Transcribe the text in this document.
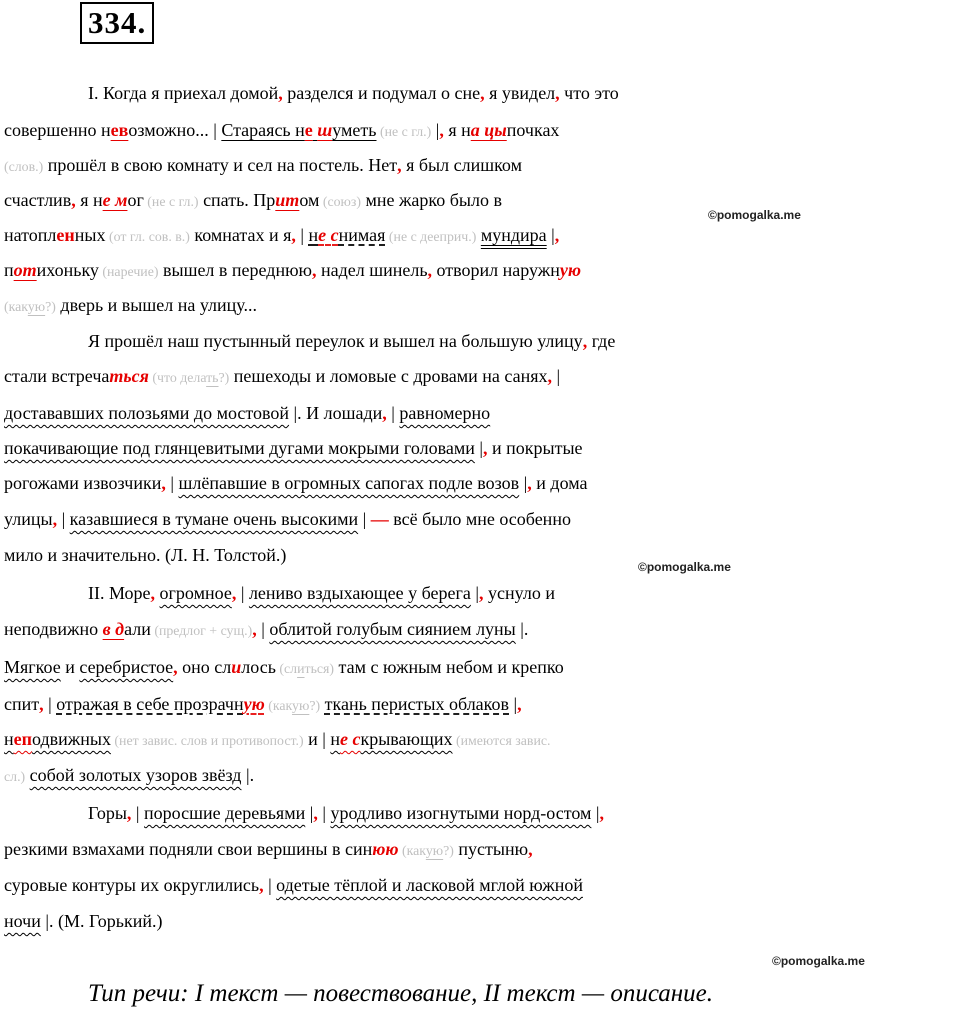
334.
I. Когда я приехал домой, разделся и подумал о сне, я увидел, что это
совершенно невозможно... | Стараясь не шуметь (не с гл.) |, я на цыпочках
(слов.) прошёл в свою комнату и сел на постель. Нет, я был слишком
счастлив, я не мог (не с гл.) спать. Притом (союз) мне жарко было в
натопленных (от гл. сов. в.) комнатах и я, | не снимая (не с дееприч.) мундира |,
потихоньку (наречие) вышел в переднюю, надел шинель, отворил наружную
(какую?) дверь и вышел на улицу...
Я прошёл наш пустынный переулок и вышел на большую улицу, где
стали встречаться (что делать?) пешеходы и ломовые с дровами на санях, |
достававших полозьями до мостовой |. И лошади, | равномерно
покачивающие под глянцевитыми дугами мокрыми головами |, и покрытые
рогожами извозчики, | шлёпавшие в огромных сапогах подле возов |, и дома
улицы, | казавшиеся в тумане очень высокими | — всё было мне особенно
мило и значительно. (Л. Н. Толстой.)
II. Море, огромное, | лениво вздыхающее у берега |, уснуло и
неподвижно в дали (предлог + сущ.), | облитой голубым сиянием луны |.
Мягкое и серебристое, оно слилось (слиться) там с южным небом и крепко
спит, | отражая в себе прозрачную (какую?) ткань перистых облаков |,
неподвижных (нет завис. слов и противопост.) и | не скрывающих (имеются завис.
сл.) собой золотых узоров звёзд |.
Горы, | поросшие деревьями |, | уродливо изогнутыми норд-остом |,
резкими взмахами подняли свои вершины в синюю (какую?) пустыню,
суровые контуры их округлились, | одетые тёплой и ласковой мглой южной
ночи |. (М. Горький.)
©pomogalka.me
©pomogalka.me
©pomogalka.me
Тип речи: I текст — повествование, II текст — описание.
